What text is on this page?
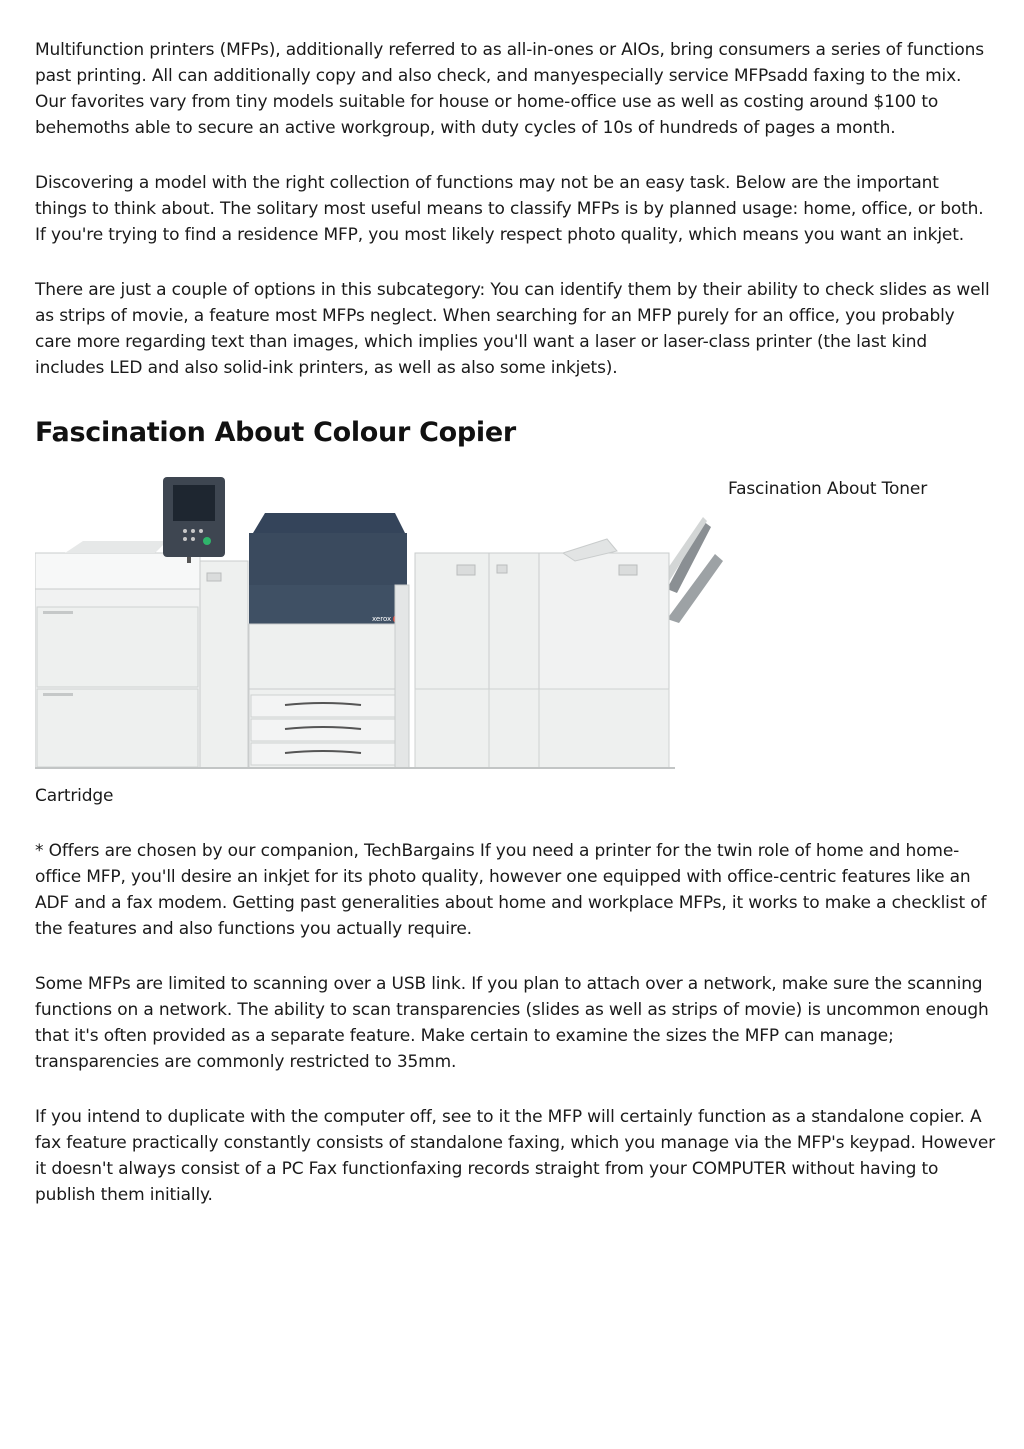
Multifunction printers (MFPs), additionally referred to as all-in-ones or AIOs, bring consumers a series of functions past printing. All can additionally copy and also check, and manyespecially service MFPsadd faxing to the mix. Our favorites vary from tiny models suitable for house or home-office use as well as costing around $100 to behemoths able to secure an active workgroup, with duty cycles of 10s of hundreds of pages a month.

Discovering a model with the right collection of functions may not be an easy task. Below are the important things to think about. The solitary most useful means to classify MFPs is by planned usage: home, office, or both. If you're trying to find a residence MFP, you most likely respect photo quality, which means you want an inkjet.

There are just a couple of options in this subcategory: You can identify them by their ability to check slides as well as strips of movie, a feature most MFPs neglect. When searching for an MFP purely for an office, you probably care more regarding text than images, which implies you'll want a laser or laser-class printer (the last kind includes LED and also solid-ink printers, as well as also some inkjets).

Fascination About Colour Copier
xerox
Fascination About Toner
Cartridge

* Offers are chosen by our companion, TechBargains If you need a printer for the twin role of home and home-office MFP, you'll desire an inkjet for its photo quality, however one equipped with office-centric features like an ADF and a fax modem. Getting past generalities about home and workplace MFPs, it works to make a checklist of the features and also functions you actually require.

Some MFPs are limited to scanning over a USB link. If you plan to attach over a network, make sure the scanning functions on a network. The ability to scan transparencies (slides as well as strips of movie) is uncommon enough that it's often provided as a separate feature. Make certain to examine the sizes the MFP can manage; transparencies are commonly restricted to 35mm.

If you intend to duplicate with the computer off, see to it the MFP will certainly function as a standalone copier. A fax feature practically constantly consists of standalone faxing, which you manage via the MFP's keypad. However it doesn't always consist of a PC Fax functionfaxing records straight from your COMPUTER without having to publish them initially.
